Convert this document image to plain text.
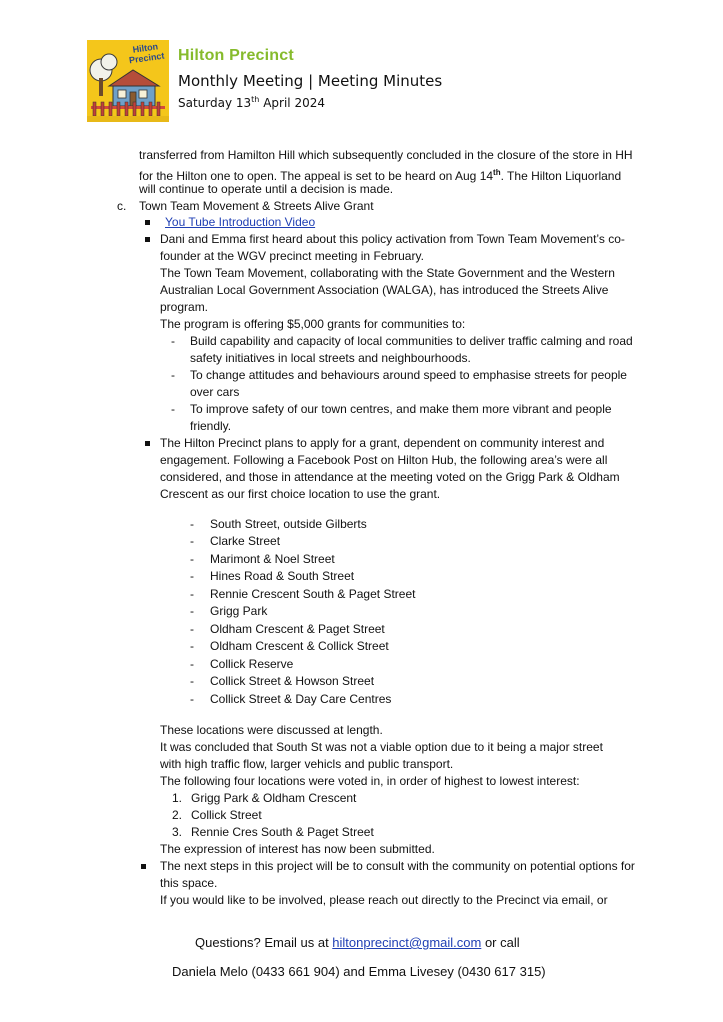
Hilton Precinct Hilton Precinct
Monthly Meeting | Meeting Minutes
Saturday 13th April 2024
transferred from Hamilton Hill which subsequently concluded in the closure of the store in HH
for the Hilton one to open. The appeal is set to be heard on Aug 14th. The Hilton Liquorland
will continue to operate until a decision is made.
c. Town Team Movement & Streets Alive Grant
You Tube Introduction Video
Dani and Emma first heard about this policy activation from Town Team Movement’s co-
founder at the WGV precinct meeting in February.
The Town Team Movement, collaborating with the State Government and the Western
Australian Local Government Association (WALGA), has introduced the Streets Alive
program.
The program is offering $5,000 grants for communities to:
- Build capability and capacity of local communities to deliver traffic calming and road
safety initiatives in local streets and neighbourhoods.
- To change attitudes and behaviours around speed to emphasise streets for people
over cars
- To improve safety of our town centres, and make them more vibrant and people
friendly.
The Hilton Precinct plans to apply for a grant, dependent on community interest and
engagement. Following a Facebook Post on Hilton Hub, the following area’s were all
considered, and those in attendance at the meeting voted on the Grigg Park & Oldham
Crescent as our first choice location to use the grant.
- South Street, outside Gilberts
- Clarke Street
- Marimont & Noel Street
- Hines Road & South Street
- Rennie Crescent South & Paget Street
- Grigg Park
- Oldham Crescent & Paget Street
- Oldham Crescent & Collick Street
- Collick Reserve
- Collick Street & Howson Street
- Collick Street & Day Care Centres
These locations were discussed at length.
It was concluded that South St was not a viable option due to it being a major street
with high traffic flow, larger vehicls and public transport.
The following four locations were voted in, in order of highest to lowest interest:
1. Grigg Park & Oldham Crescent
2. Collick Street
3. Rennie Cres South & Paget Street
The expression of interest has now been submitted.
The next steps in this project will be to consult with the community on potential options for
this space.
If you would like to be involved, please reach out directly to the Precinct via email, or
Questions? Email us at hiltonprecinct@gmail.com or call
Daniela Melo (0433 661 904) and Emma Livesey (0430 617 315)
